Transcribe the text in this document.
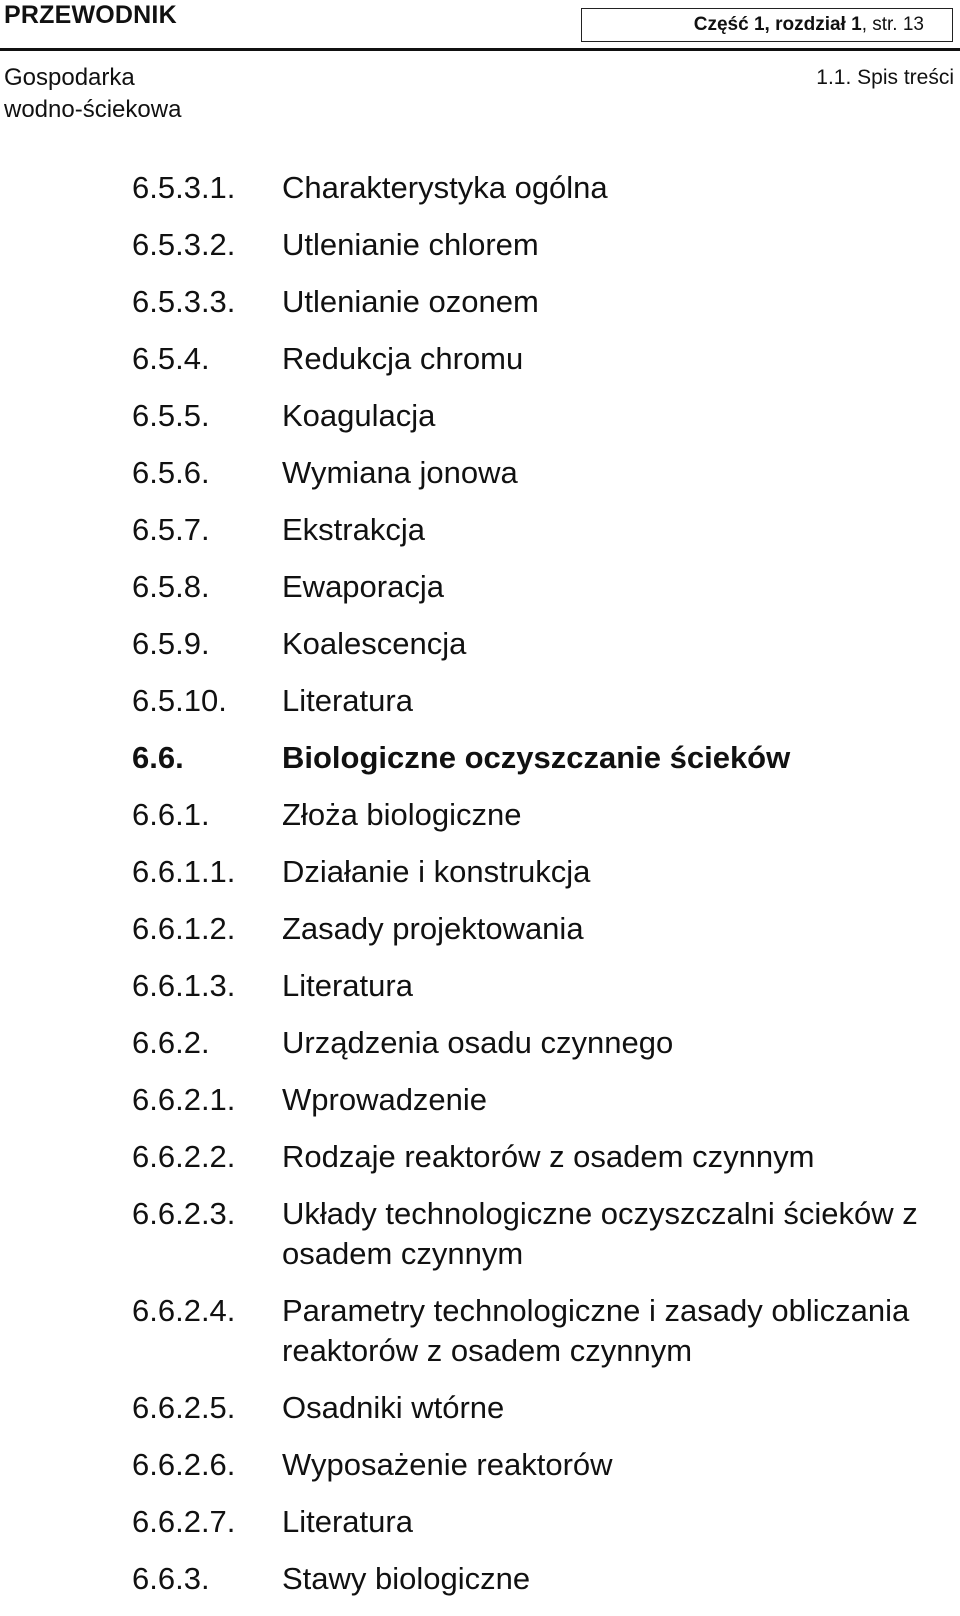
PRZEWODNIK	Część 1, rozdział 1, str. 13
Gospodarka
wodno-ściekowa
1.1. Spis treści
6.5.3.1.	Charakterystyka ogólna
6.5.3.2.	Utlenianie chlorem
6.5.3.3.	Utlenianie ozonem
6.5.4.	Redukcja chromu
6.5.5.	Koagulacja
6.5.6.	Wymiana jonowa
6.5.7.	Ekstrakcja
6.5.8.	Ewaporacja
6.5.9.	Koalescencja
6.5.10.	Literatura
6.6.	Biologiczne oczyszczanie ścieków
6.6.1.	Złoża biologiczne
6.6.1.1.	Działanie i konstrukcja
6.6.1.2.	Zasady projektowania
6.6.1.3.	Literatura
6.6.2.	Urządzenia osadu czynnego
6.6.2.1.	Wprowadzenie
6.6.2.2.	Rodzaje reaktorów z osadem czynnym
6.6.2.3.	Układy technologiczne oczyszczalni ścieków z osadem czynnym
6.6.2.4.	Parametry technologiczne i zasady obliczania reaktorów z osadem czynnym
6.6.2.5.	Osadniki wtórne
6.6.2.6.	Wyposażenie reaktorów
6.6.2.7.	Literatura
6.6.3.	Stawy biologiczne
